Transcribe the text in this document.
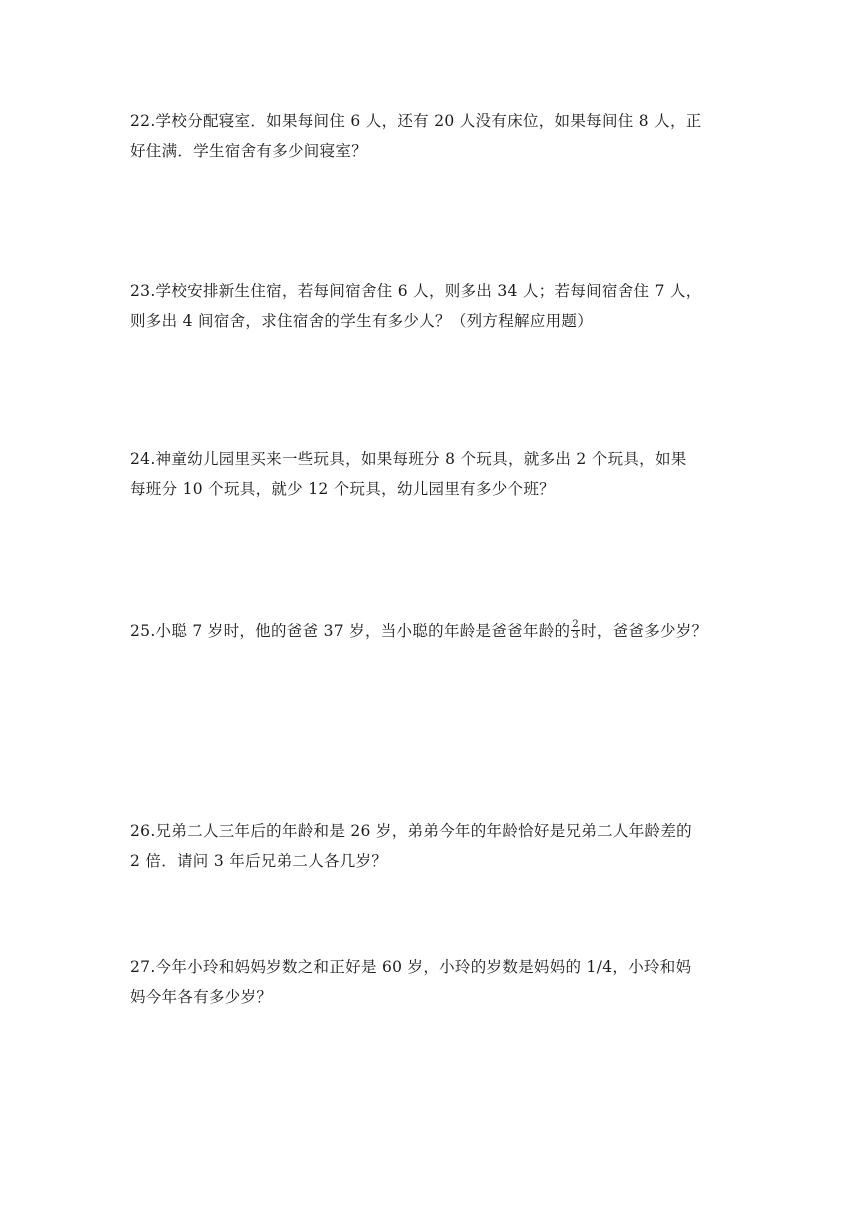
22.学校分配寝室．如果每间住 6 人，还有 20 人没有床位，如果每间住 8 人，正
好住满．学生宿舍有多少间寝室？
23.学校安排新生住宿，若每间宿舍住 6 人，则多出 34 人；若每间宿舍住 7 人，
则多出 4 间宿舍，求住宿舍的学生有多少人？（列方程解应用题）
24.神童幼儿园里买来一些玩具，如果每班分 8 个玩具，就多出 2 个玩具，如果
每班分 10 个玩具，就少 12 个玩具，幼儿园里有多少个班？
25.小聪 7 岁时，他的爸爸 37 岁，当小聪的年龄是爸爸年龄的 $\frac{2}{3}$ 时，爸爸多少岁？
26.兄弟二人三年后的年龄和是 26 岁，弟弟今年的年龄恰好是兄弟二人年龄差的
2 倍．请问 3 年后兄弟二人各几岁？
27.今年小玲和妈妈岁数之和正好是 60 岁，小玲的岁数是妈妈的 1/4，小玲和妈
妈今年各有多少岁？
